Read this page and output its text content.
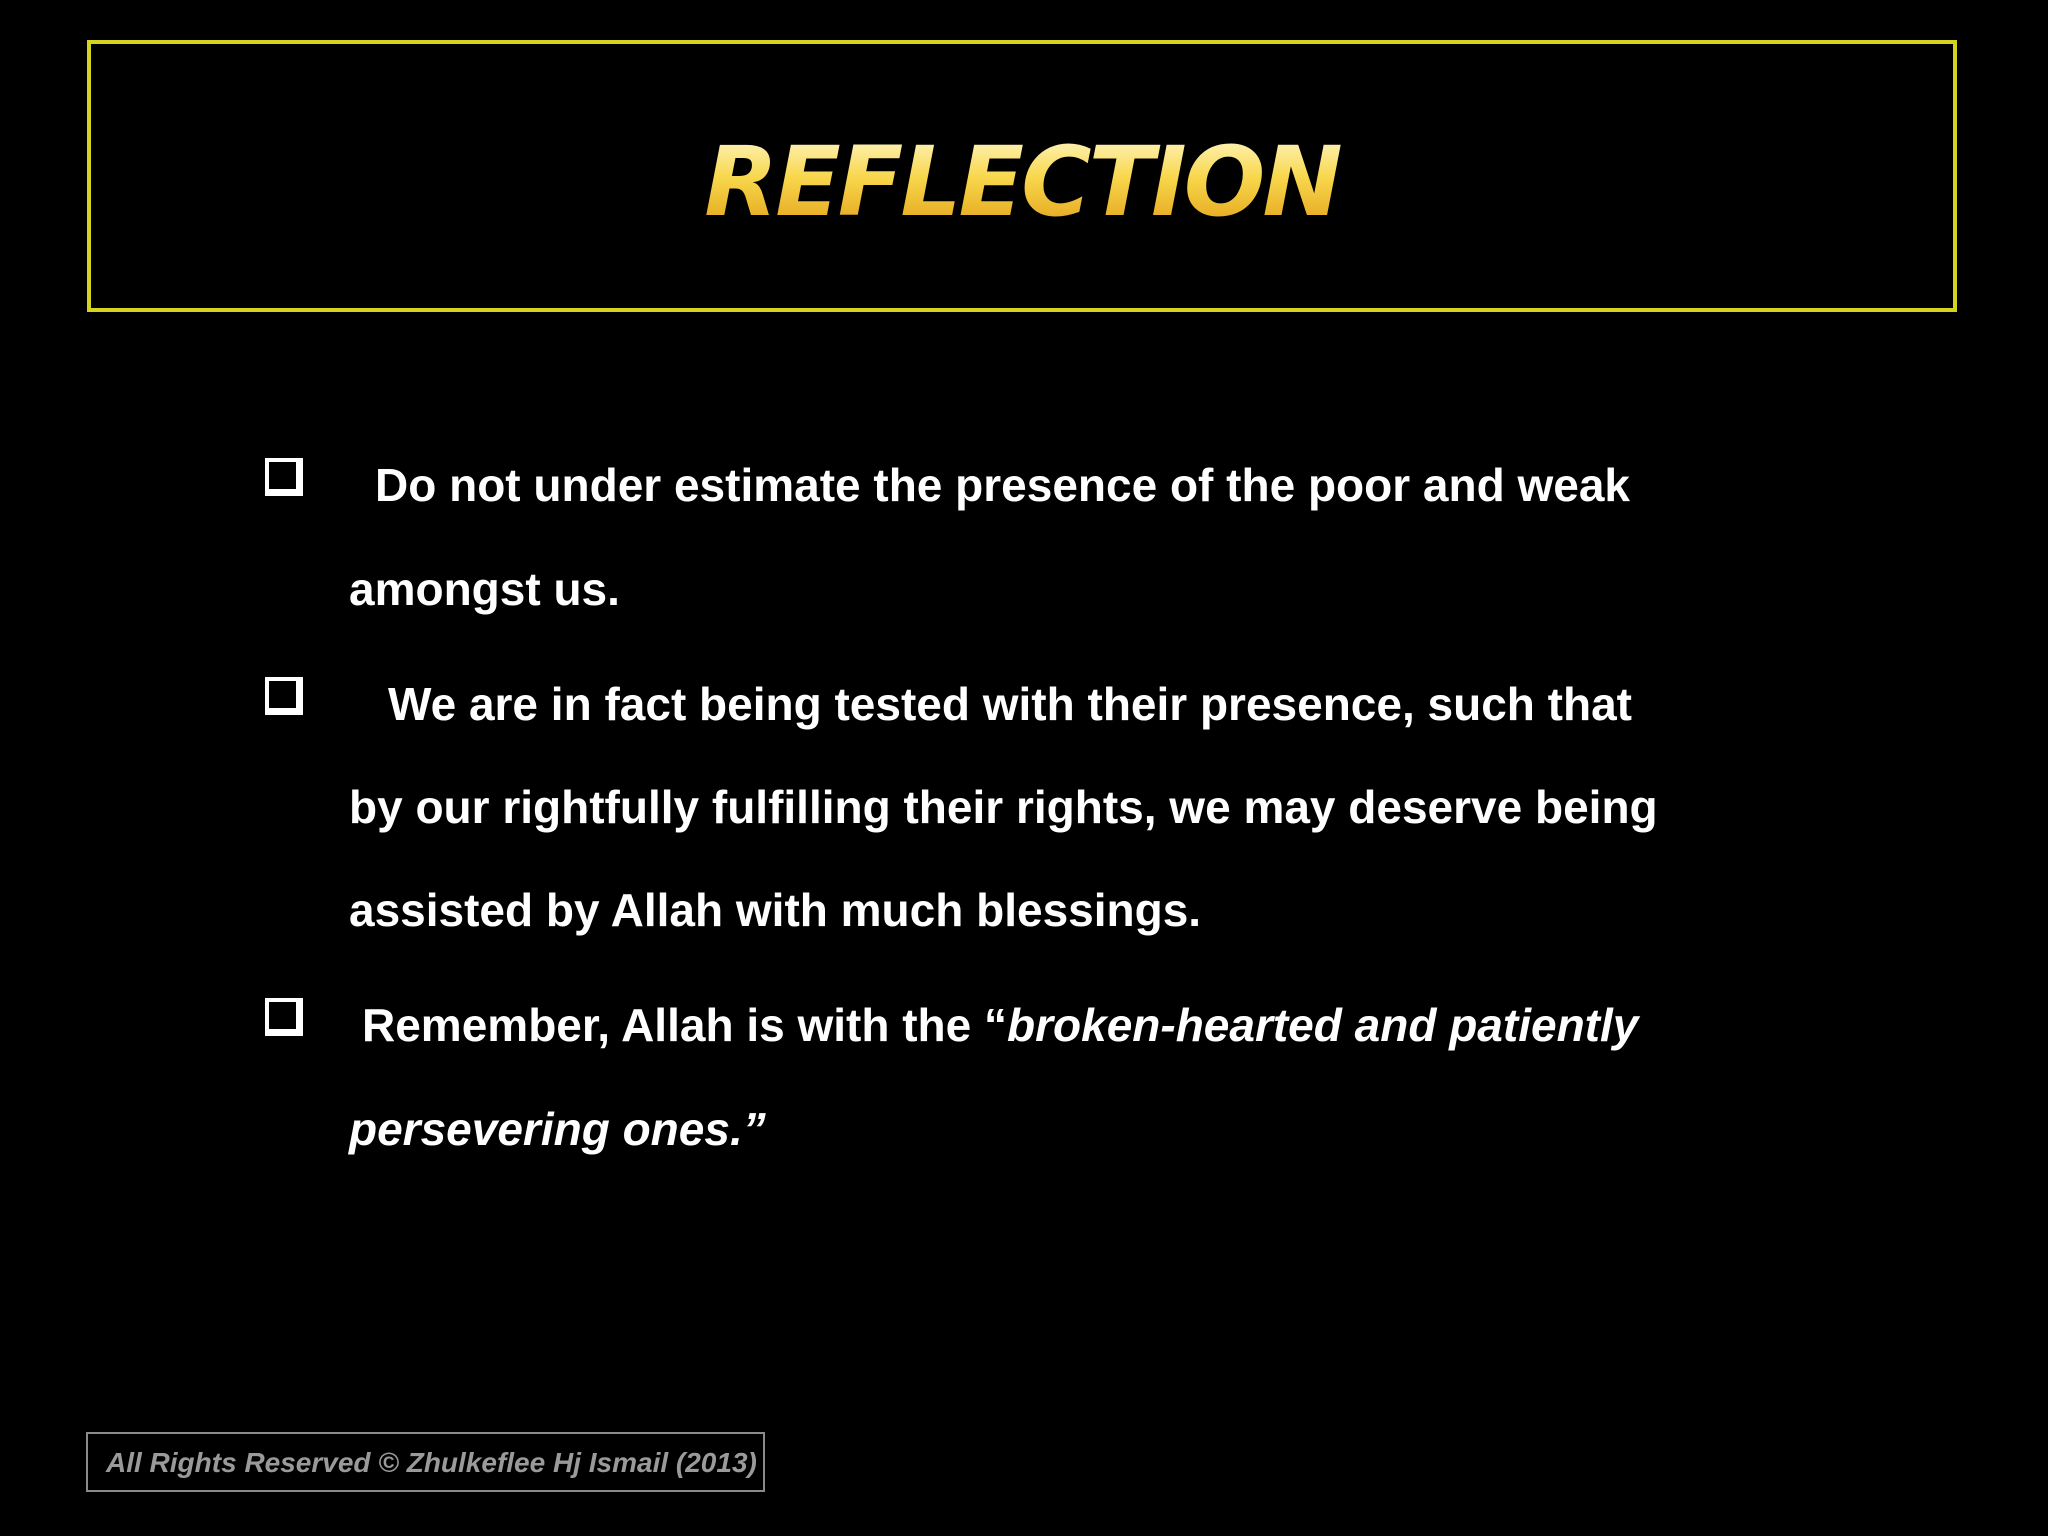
REFLECTION
Do not under estimate the presence of the poor and weak
amongst us.
We are in fact being tested with their presence, such that
by our rightfully fulfilling their rights, we may deserve being
assisted by Allah with much blessings.
Remember, Allah is with the “broken-hearted and patiently
persevering ones.”
All Rights Reserved © Zhulkeflee Hj Ismail (2013)
